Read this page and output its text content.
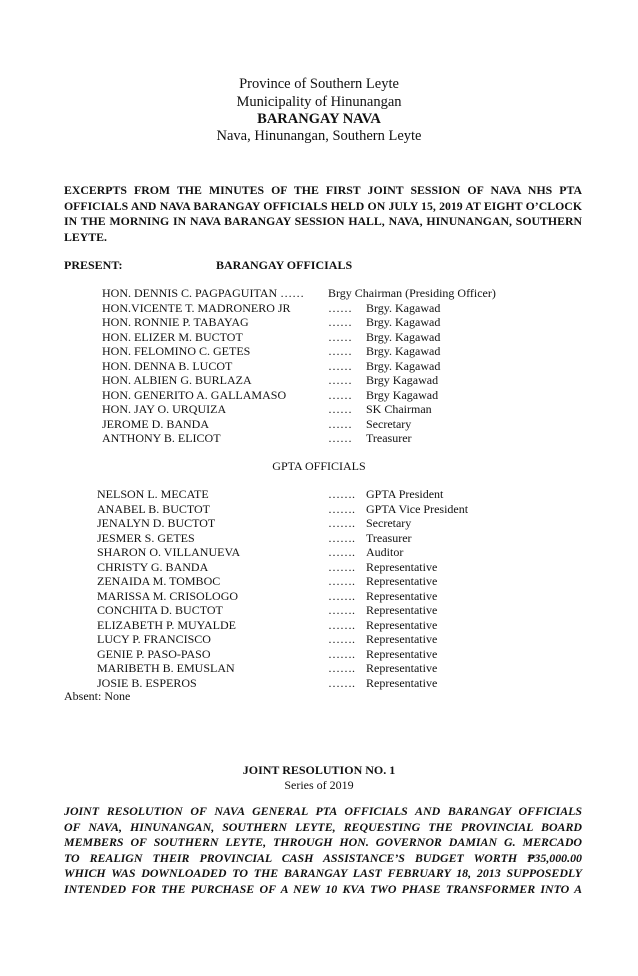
Province of Southern Leyte
Municipality of Hinunangan
BARANGAY NAVA
Nava, Hinunangan, Southern Leyte
EXCERPTS FROM THE MINUTES OF THE FIRST JOINT SESSION OF NAVA NHS PTA OFFICIALS AND NAVA BARANGAY OFFICIALS HELD ON JULY 15, 2019 AT EIGHT O’CLOCK IN THE MORNING IN NAVA BARANGAY SESSION HALL, NAVA, HINUNANGAN, SOUTHERN LEYTE.
PRESENT:	BARANGAY OFFICIALS
HON. DENNIS C. PAGPAGUITAN …… Brgy Chairman (Presiding Officer)
HON.VICENTE T. MADRONERO JR	…… Brgy. Kagawad
HON. RONNIE P. TABAYAG	…… Brgy. Kagawad
HON. ELIZER M. BUCTOT	…… Brgy. Kagawad
HON. FELOMINO C. GETES	…… Brgy. Kagawad
HON. DENNA B. LUCOT	…… Brgy. Kagawad
HON. ALBIEN G. BURLAZA	…… Brgy Kagawad
HON. GENERITO A. GALLAMASO	…… Brgy Kagawad
HON. JAY O. URQUIZA	…… SK Chairman
JEROME D. BANDA	…… Secretary
ANTHONY B. ELICOT	…… Treasurer
GPTA OFFICIALS
NELSON L. MECATE	……. GPTA President
ANABEL B. BUCTOT	……. GPTA Vice President
JENALYN D. BUCTOT	……. Secretary
JESMER S. GETES	……. Treasurer
SHARON O. VILLANUEVA	……. Auditor
CHRISTY G. BANDA	……. Representative
ZENAIDA M. TOMBOC	……. Representative
MARISSA M. CRISOLOGO	……. Representative
CONCHITA D. BUCTOT	……. Representative
ELIZABETH P. MUYALDE	……. Representative
LUCY P. FRANCISCO	……. Representative
GENIE P. PASO-PASO	……. Representative
MARIBETH B. EMUSLAN	……. Representative
JOSIE B. ESPEROS	……. Representative
Absent: None
JOINT RESOLUTION NO. 1
Series of 2019
JOINT RESOLUTION OF NAVA GENERAL PTA OFFICIALS AND BARANGAY OFFICIALS
OF NAVA, HINUNANGAN, SOUTHERN LEYTE, REQUESTING THE PROVINCIAL BOARD
MEMBERS OF SOUTHERN LEYTE, THROUGH HON. GOVERNOR DAMIAN G. MERCADO
TO REALIGN THEIR PROVINCIAL CASH ASSISTANCE’S BUDGET WORTH ₱35,000.00
WHICH WAS DOWNLOADED TO THE BARANGAY LAST FEBRUARY 18, 2013 SUPPOSEDLY
INTENDED FOR THE PURCHASE OF A NEW 10 KVA TWO PHASE TRANSFORMER INTO A
